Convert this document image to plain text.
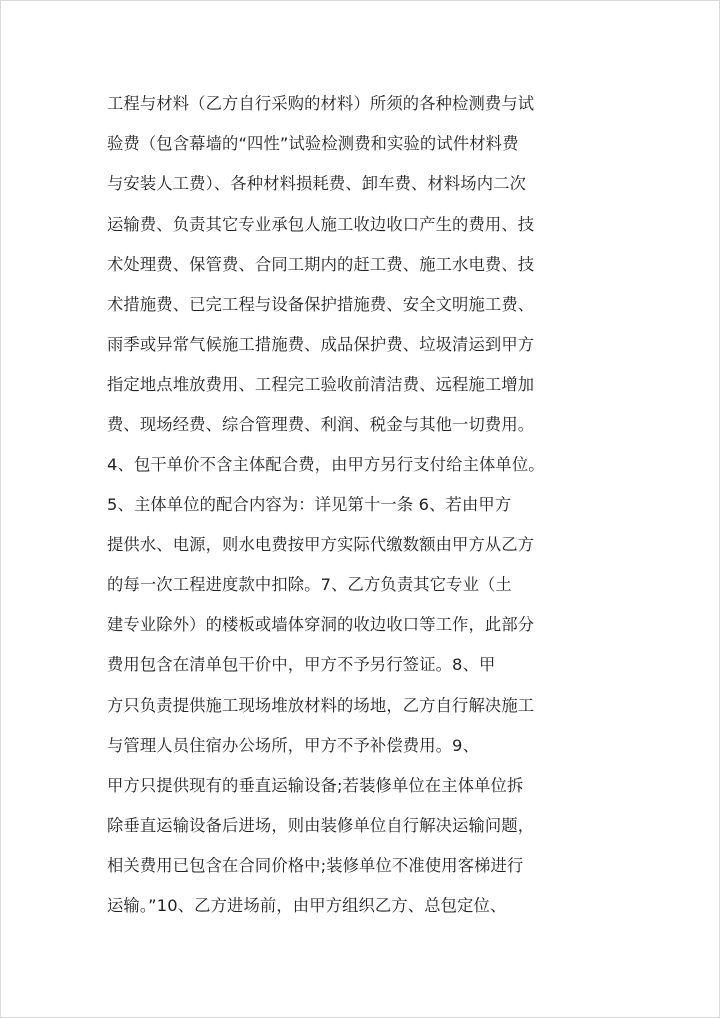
工程与材料（乙方自行采购的材料）所须的各种检测费与试

验费（包含幕墙的“四性”试验检测费和实验的试件材料费

与安装人工费）、各种材料损耗费、卸车费、材料场内二次

运输费、负责其它专业承包人施工收边收口产生的费用、技

术处理费、保管费、合同工期内的赶工费、施工水电费、技

术措施费、已完工程与设备保护措施费、安全文明施工费、

雨季或异常气候施工措施费、成品保护费、垃圾清运到甲方

指定地点堆放费用、工程完工验收前清洁费、远程施工增加

费、现场经费、综合管理费、利润、税金与其他一切费用。

4、包干单价不含主体配合费，由甲方另行支付给主体单位。

5、主体单位的配合内容为：详见第十一条 6、若由甲方

提供水、电源，则水电费按甲方实际代缴数额由甲方从乙方

的每一次工程进度款中扣除。7、乙方负责其它专业（土

建专业除外）的楼板或墙体穿洞的收边收口等工作，此部分

费用包含在清单包干价中，甲方不予另行签证。8、甲

方只负责提供施工现场堆放材料的场地，乙方自行解决施工

与管理人员住宿办公场所，甲方不予补偿费用。9、

甲方只提供现有的垂直运输设备;若装修单位在主体单位拆

除垂直运输设备后进场，则由装修单位自行解决运输问题，

相关费用已包含在合同价格中;装修单位不准使用客梯进行

运输。”10、乙方进场前，由甲方组织乙方、总包定位、
